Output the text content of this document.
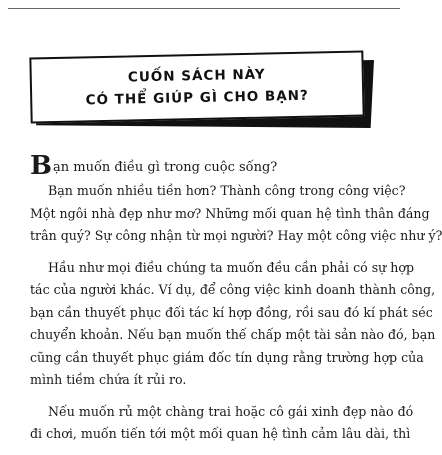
CUỐN SÁCH NÀY
CÓ THỂ GIÚP GÌ CHO BẠN?

Bạn muốn điều gì trong cuộc sống?

Bạn muốn nhiều tiền hơn? Thành công trong công việc?
Một ngôi nhà đẹp như mơ? Những mối quan hệ tình thân đáng
trân quý? Sự công nhận từ mọi người? Hay một công việc như ý?

Hầu như mọi điều chúng ta muốn đều cần phải có sự hợp
tác của người khác. Ví dụ, để công việc kinh doanh thành công,
bạn cần thuyết phục đối tác kí hợp đồng, rồi sau đó kí phát séc
chuyển khoản. Nếu bạn muốn thế chấp một tài sản nào đó, bạn
cũng cần thuyết phục giám đốc tín dụng rằng trường hợp của
mình tiềm chứa ít rủi ro.

Nếu muốn rủ một chàng trai hoặc cô gái xinh đẹp nào đó
đi chơi, muốn tiến tới một mối quan hệ tình cảm lâu dài, thì
